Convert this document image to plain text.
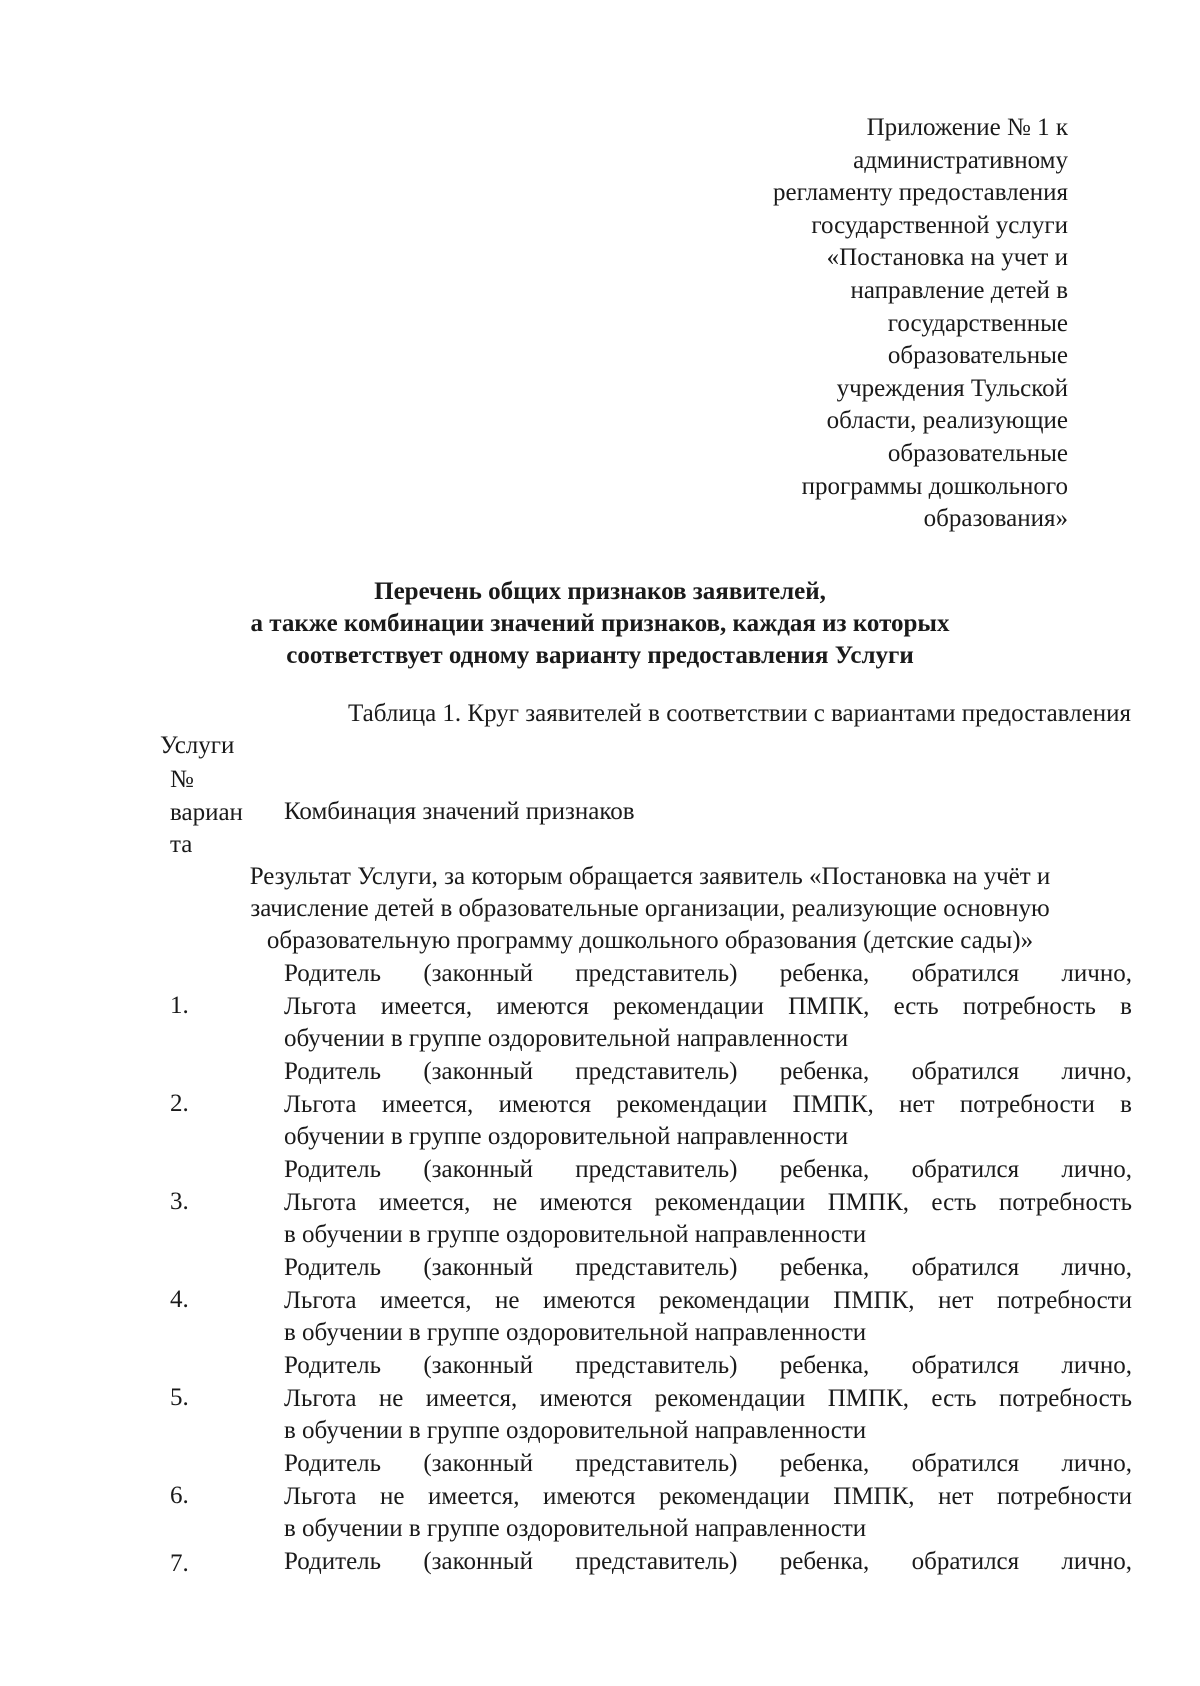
Приложение № 1 к
административному
регламенту предоставления
государственной услуги
«Постановка на учет и
направление детей в
государственные
образовательные
учреждения Тульской
области, реализующие
образовательные
программы дошкольного
образования»
Перечень общих признаков заявителей,
а также комбинации значений признаков, каждая из которых
соответствует одному варианту предоставления Услуги
Таблица 1. Круг заявителей в соответствии с вариантами предоставления
Услуги
№
вариан
та
Комбинация значений признаков
Результат Услуги, за которым обращается заявитель «Постановка на учёт и
зачисление детей в образовательные организации, реализующие основную
образовательную программу дошкольного образования (детские сады)»
1.
Родитель (законный представитель) ребенка, обратился лично,
Льгота имеется, имеются рекомендации ПМПК, есть потребность в
обучении в группе оздоровительной направленности
2.
Родитель (законный представитель) ребенка, обратился лично,
Льгота имеется, имеются рекомендации ПМПК, нет потребности в
обучении в группе оздоровительной направленности
3.
Родитель (законный представитель) ребенка, обратился лично,
Льгота имеется, не имеются рекомендации ПМПК, есть потребность
в обучении в группе оздоровительной направленности
4.
Родитель (законный представитель) ребенка, обратился лично,
Льгота имеется, не имеются рекомендации ПМПК, нет потребности
в обучении в группе оздоровительной направленности
5.
Родитель (законный представитель) ребенка, обратился лично,
Льгота не имеется, имеются рекомендации ПМПК, есть потребность
в обучении в группе оздоровительной направленности
6.
Родитель (законный представитель) ребенка, обратился лично,
Льгота не имеется, имеются рекомендации ПМПК, нет потребности
в обучении в группе оздоровительной направленности
7.	Родитель (законный представитель) ребенка, обратился лично,
